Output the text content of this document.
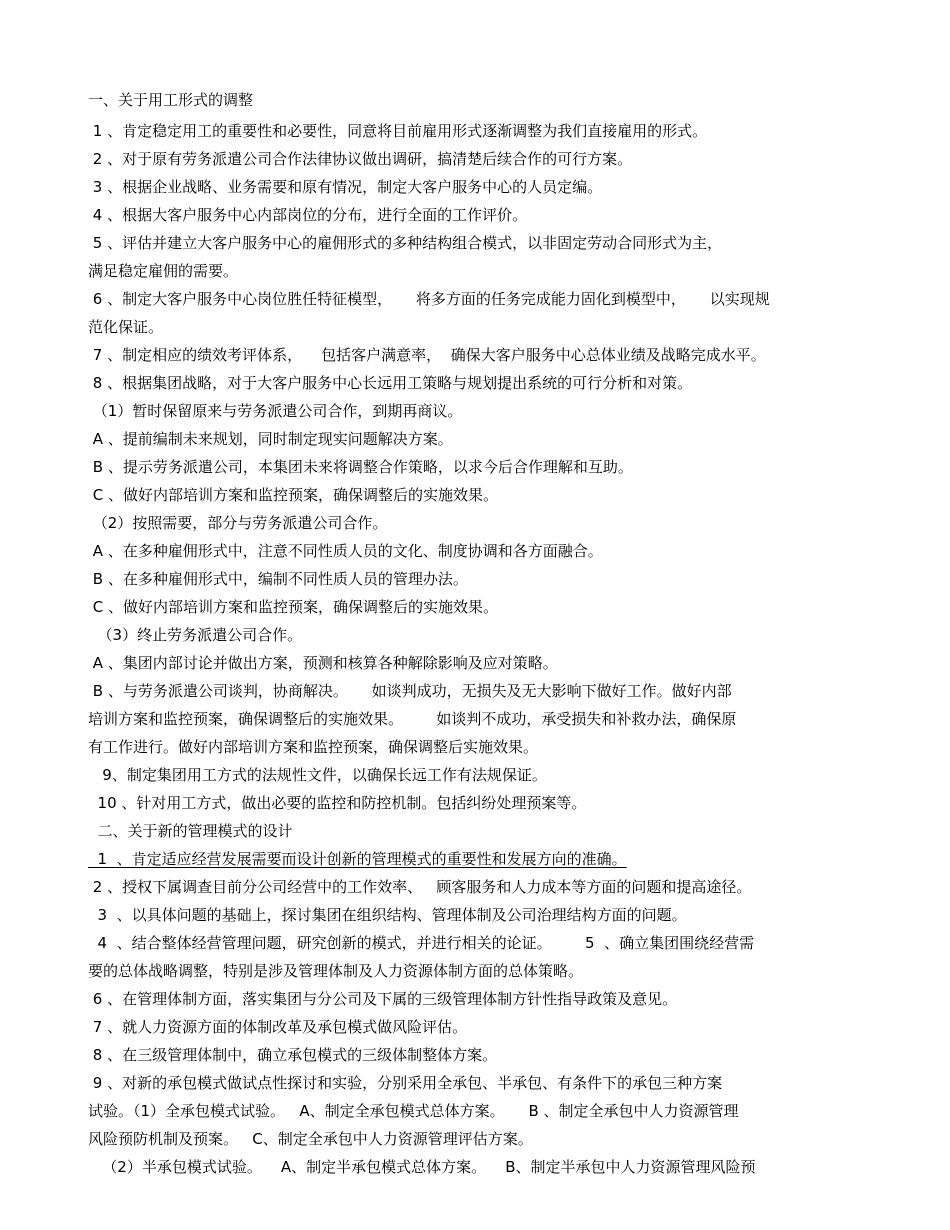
一、关于用工形式的调整
1 、肯定稳定用工的重要性和必要性，同意将目前雇用形式逐渐调整为我们直接雇用的形式。
2 、对于原有劳务派遣公司合作法律协议做出调研，搞清楚后续合作的可行方案。
3 、根据企业战略、业务需要和原有情况，制定大客户服务中心的人员定编。
4 、根据大客户服务中心内部岗位的分布，进行全面的工作评价。
5 、评估并建立大客户服务中心的雇佣形式的多种结构组合模式，以非固定劳动合同形式为主，
满足稳定雇佣的需要。
6 、制定大客户服务中心岗位胜任特征模型，     将多方面的任务完成能力固化到模型中，     以实现规
范化保证。
7 、制定相应的绩效考评体系，    包括客户满意率，  确保大客户服务中心总体业绩及战略完成水平。
8 、根据集团战略，对于大客户服务中心长远用工策略与规划提出系统的可行分析和对策。
（1）暂时保留原来与劳务派遣公司合作，到期再商议。
A 、提前编制未来规划，同时制定现实问题解决方案。
B 、提示劳务派遣公司，本集团未来将调整合作策略，以求今后合作理解和互助。
C 、做好内部培训方案和监控预案，确保调整后的实施效果。
（2）按照需要，部分与劳务派遣公司合作。
A 、在多种雇佣形式中，注意不同性质人员的文化、制度协调和各方面融合。
B 、在多种雇佣形式中，编制不同性质人员的管理办法。
C 、做好内部培训方案和监控预案，确保调整后的实施效果。
（3）终止劳务派遣公司合作。
A 、集团内部讨论并做出方案，预测和核算各种解除影响及应对策略。
B 、与劳务派遣公司谈判，协商解决。     如谈判成功，无损失及无大影响下做好工作。做好内部
培训方案和监控预案，确保调整后的实施效果。       如谈判不成功，承受损失和补救办法，确保原
有工作进行。做好内部培训方案和监控预案，确保调整后实施效果。
9、制定集团用工方式的法规性文件，以确保长远工作有法规保证。
10 、针对用工方式，做出必要的监控和防控机制。包括纠纷处理预案等。
二、关于新的管理模式的设计
1  、肯定适应经营发展需要而设计创新的管理模式的重要性和发展方向的准确。
2 、授权下属调查目前分公司经营中的工作效率、   顾客服务和人力成本等方面的问题和提高途径。
3  、以具体问题的基础上，探讨集团在组织结构、管理体制及公司治理结构方面的问题。
4  、结合整体经营管理问题，研究创新的模式，并进行相关的论证。       5  、确立集团围绕经营需
要的总体战略调整，特别是涉及管理体制及人力资源体制方面的总体策略。
6 、在管理体制方面，落实集团与分公司及下属的三级管理体制方针性指导政策及意见。
7 、就人力资源方面的体制改革及承包模式做风险评估。
8 、在三级管理体制中，确立承包模式的三级体制整体方案。
9 、对新的承包模式做试点性探讨和实验，分别采用全承包、半承包、有条件下的承包三种方案
试验。（1）全承包模式试验。   A、制定全承包模式总体方案。     B 、制定全承包中人力资源管理
风险预防机制及预案。   C、制定全承包中人力资源管理评估方案。
（2）半承包模式试验。    A、制定半承包模式总体方案。    B、制定半承包中人力资源管理风险预
